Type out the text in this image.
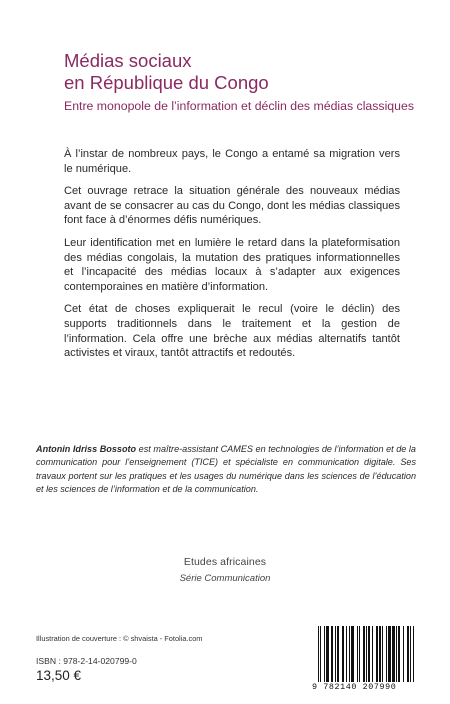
Médias sociaux
en République du Congo
Entre monopole de l’information et déclin des médias classiques

À l’instar de nombreux pays, le Congo a entamé sa migration vers le numérique.

Cet ouvrage retrace la situation générale des nouveaux médias avant de se consacrer au cas du Congo, dont les médias classiques font face à d’énormes défis numériques.

Leur identification met en lumière le retard dans la plateformisation des médias congolais, la mutation des pratiques informationnelles et l’incapacité des médias locaux à s’adapter aux exigences contemporaines en matière d’information.

Cet état de choses expliquerait le recul (voire le déclin) des supports traditionnels dans le traitement et la gestion de l’information. Cela offre une brèche aux médias alternatifs tantôt activistes et viraux, tantôt attractifs et redoutés.

Antonin Idriss Bossoto est maître-assistant CAMES en technologies de l’information et de la communication pour l’enseignement (TICE) et spécialiste en communication digitale. Ses travaux portent sur les pratiques et les usages du numérique dans les sciences de l’éducation et les sciences de l’information et de la communication.
Etudes africaines
Série Communication
Illustration de couverture : © shvaista - Fotolia.com
ISBN : 978-2-14-020799-0
13,50 €
9 782140 207990
